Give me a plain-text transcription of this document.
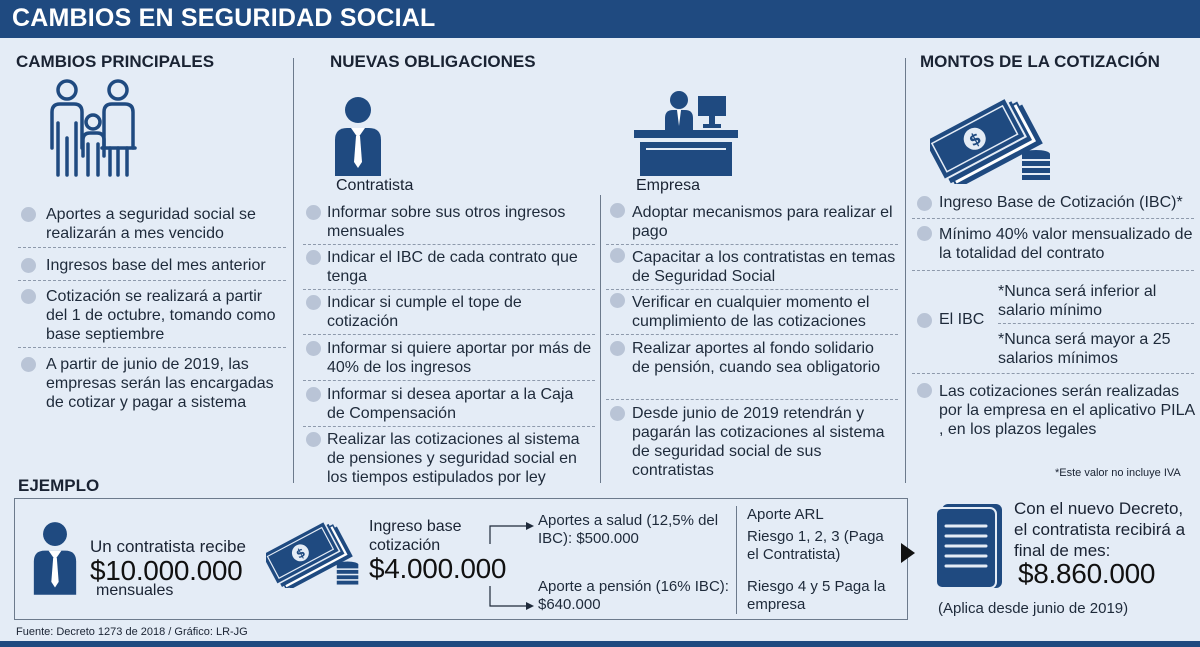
CAMBIOS EN SEGURIDAD SOCIAL
CAMBIOS PRINCIPALES
Aportes a seguridad social se realizarán a mes vencido
Ingresos base del mes anterior
Cotización se realizará a partir del 1 de octubre, tomando como base septiembre
A partir de junio de 2019, las empresas serán las encargadas de cotizar y pagar a sistema
NUEVAS OBLIGACIONES
Contratista
Informar sobre sus otros ingresos mensuales
Indicar el IBC de cada contrato que tenga
Indicar si cumple el tope de cotización
Informar si quiere aportar por más de 40% de los ingresos
Informar si desea aportar a la Caja de Compensación
Realizar las cotizaciones al sistema de pensiones y seguridad social en los tiempos estipulados por ley
Empresa
Adoptar mecanismos para realizar el pago
Capacitar a los contratistas en temas de Seguridad Social
Verificar en cualquier momento el cumplimiento de las cotizaciones
Realizar aportes al fondo solidario de pensión, cuando sea obligatorio
Desde junio de 2019 retendrán y pagarán las cotizaciones al sistema de seguridad social de sus contratistas
MONTOS DE LA COTIZACIÓN
$
Ingreso Base de Cotización (IBC)*
Mínimo 40% valor mensualizado de la totalidad del contrato
El IBC
*Nunca será inferior al salario mínimo
*Nunca será mayor a 25 salarios mínimos
Las cotizaciones serán realizadas por la empresa en el aplicativo PILA , en los plazos legales
*Este valor no incluye IVA
EJEMPLO
Un contratista recibe
$10.000.000
mensuales
$
Ingreso base cotización
$4.000.000
Aportes a salud (12,5% del IBC): $500.000
Aporte a pensión (16% IBC): $640.000
Aporte ARL
Riesgo 1, 2, 3 (Paga el Contratista)
Riesgo 4 y 5 Paga la empresa
Con el nuevo Decreto, el contratista recibirá a final de mes:
$8.860.000
(Aplica desde junio de 2019)
Fuente: Decreto 1273 de 2018 / Gráfico: LR-JG
